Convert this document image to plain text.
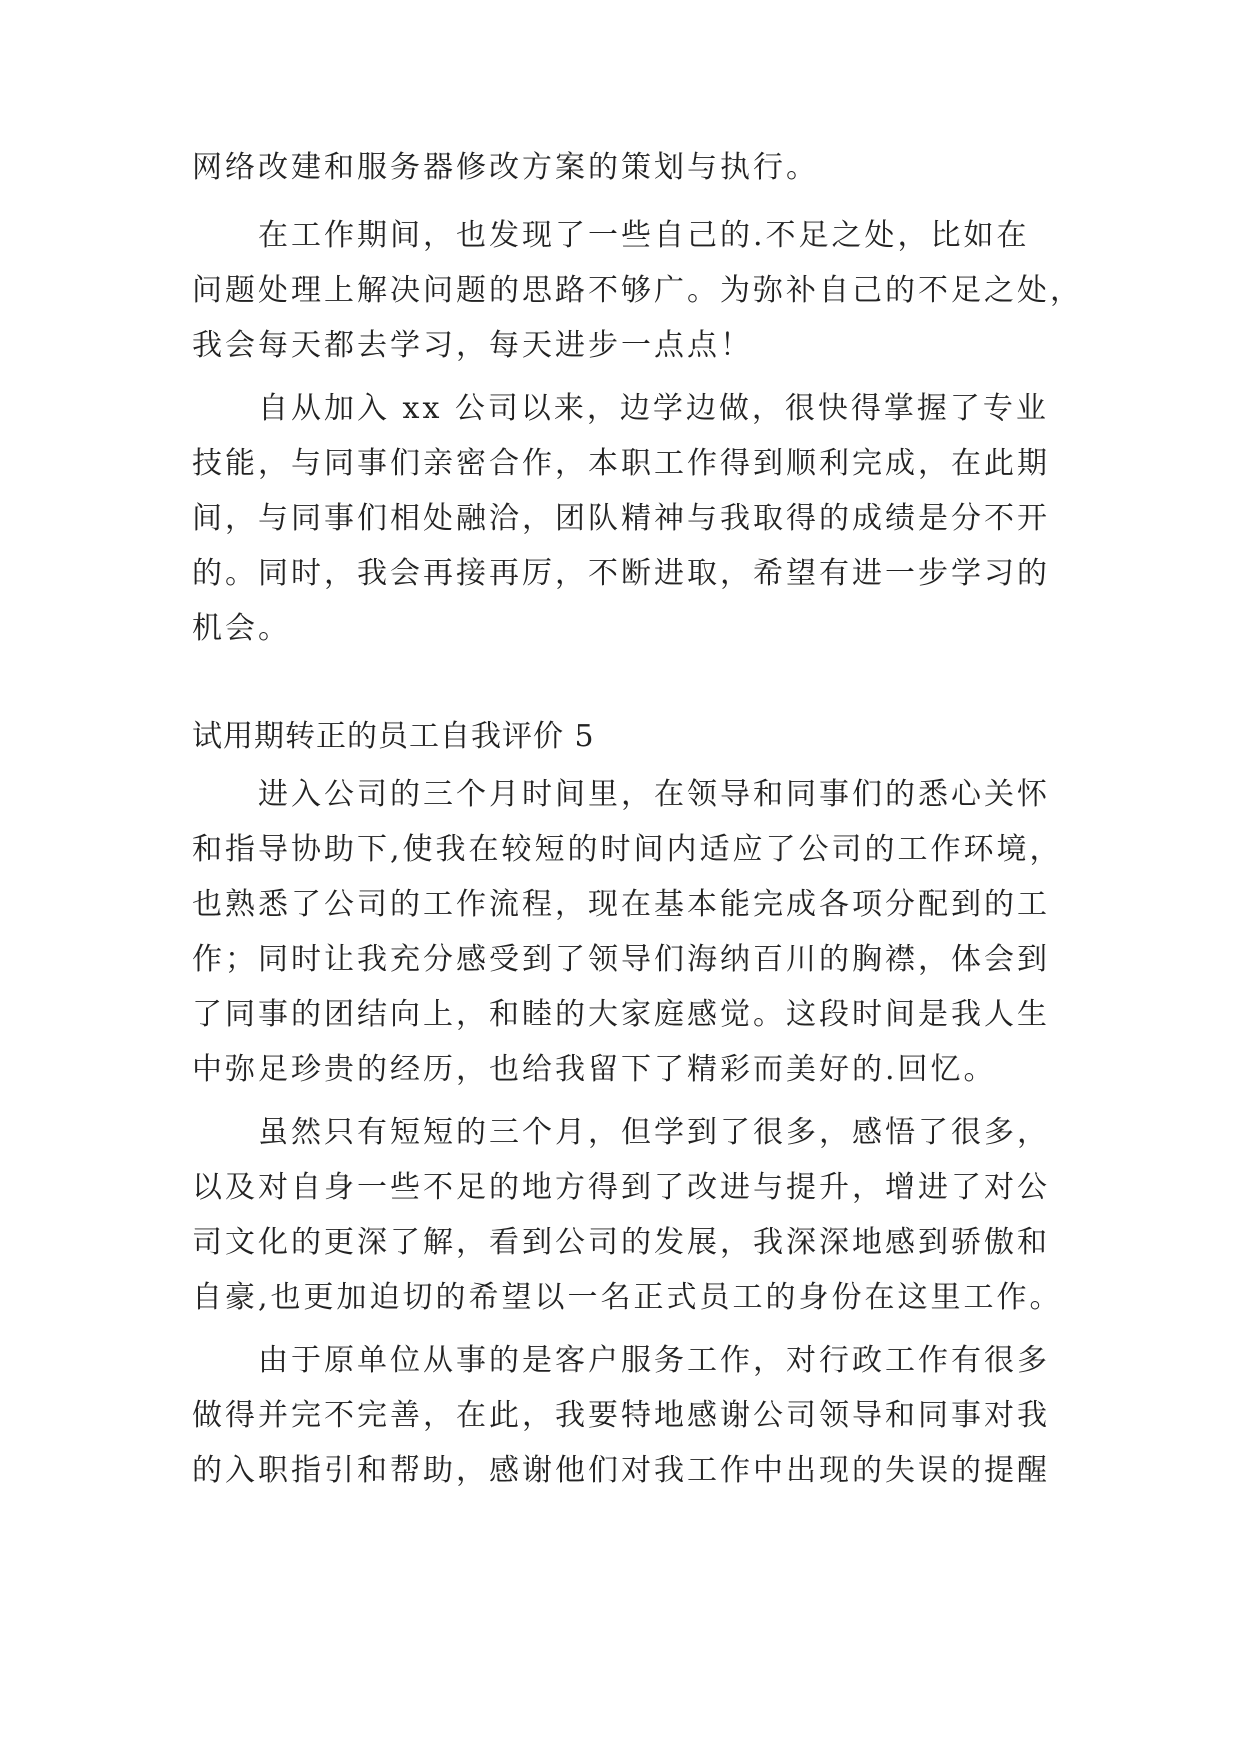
网络改建和服务器修改方案的策划与执行。

在工作期间，也发现了一些自己的.不足之处，比如在

问题处理上解决问题的思路不够广。为弥补自己的不足之处，

我会每天都去学习，每天进步一点点！

自从加入 xx 公司以来，边学边做，很快得掌握了专业

技能，与同事们亲密合作，本职工作得到顺利完成，在此期

间，与同事们相处融洽，团队精神与我取得的成绩是分不开

的。同时，我会再接再厉，不断进取，希望有进一步学习的

机会。

试用期转正的员工自我评价 5

进入公司的三个月时间里，在领导和同事们的悉心关怀

和指导协助下,使我在较短的时间内适应了公司的工作环境，

也熟悉了公司的工作流程，现在基本能完成各项分配到的工

作；同时让我充分感受到了领导们海纳百川的胸襟，体会到

了同事的团结向上，和睦的大家庭感觉。这段时间是我人生

中弥足珍贵的经历，也给我留下了精彩而美好的.回忆。

虽然只有短短的三个月，但学到了很多，感悟了很多，

以及对自身一些不足的地方得到了改进与提升，增进了对公

司文化的更深了解，看到公司的发展，我深深地感到骄傲和

自豪,也更加迫切的希望以一名正式员工的身份在这里工作。

由于原单位从事的是客户服务工作，对行政工作有很多

做得并完不完善，在此，我要特地感谢公司领导和同事对我

的入职指引和帮助，感谢他们对我工作中出现的失误的提醒
